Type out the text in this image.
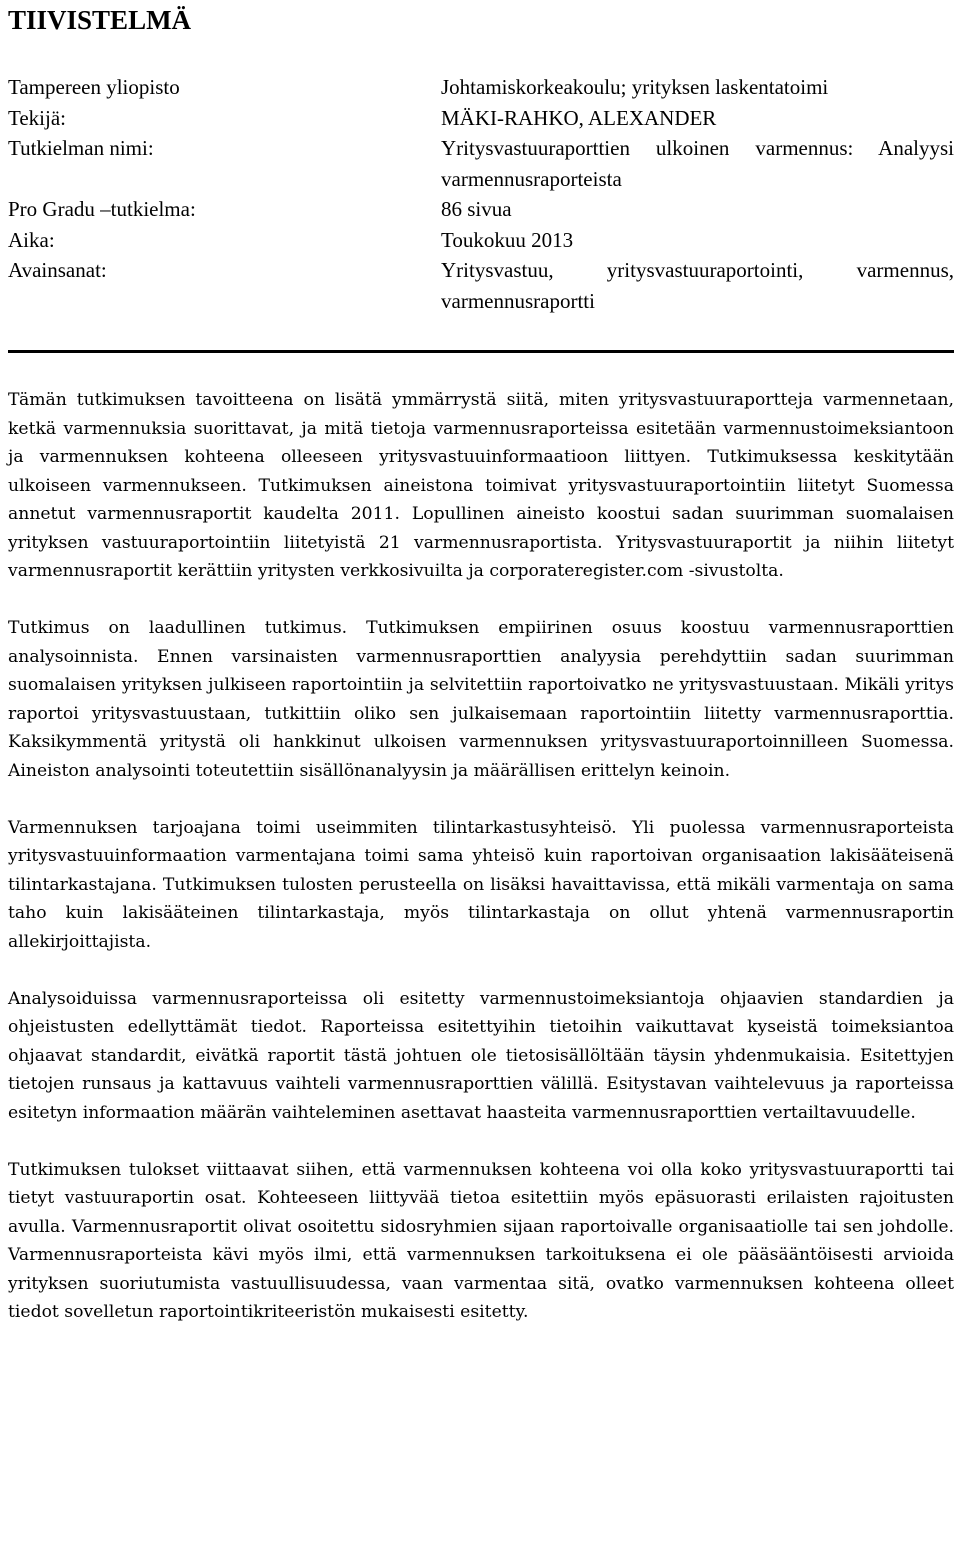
TIIVISTELMÄ
Tampereen yliopisto	Johtamiskorkeakoulu; yrityksen laskentatoimi
Tekijä:	MÄKI-RAHKO, ALEXANDER
Tutkielman nimi:	Yritysvastuuraporttien ulkoinen varmennus: Analyysi varmennusraporteista
Pro Gradu –tutkielma:	86 sivua
Aika:	Toukokuu 2013
Avainsanat:	Yritysvastuu, yritysvastuuraportointi, varmennus, varmennusraportti

Tämän tutkimuksen tavoitteena on lisätä ymmärrystä siitä, miten yritysvastuuraportteja varmennetaan, ketkä varmennuksia suorittavat, ja mitä tietoja varmennusraporteissa esitetään varmennustoimeksiantoon ja varmennuksen kohteena olleeseen yritysvastuuinformaatioon liittyen. Tutkimuksessa keskitytään ulkoiseen varmennukseen. Tutkimuksen aineistona toimivat yritysvastuuraportointiin liitetyt Suomessa annetut varmennusraportit kaudelta 2011. Lopullinen aineisto koostui sadan suurimman suomalaisen yrityksen vastuuraportointiin liitetyistä 21 varmennusraportista. Yritysvastuuraportit ja niihin liitetyt varmennusraportit kerättiin yritysten verkkosivuilta ja corporateregister.com -sivustolta.

Tutkimus on laadullinen tutkimus. Tutkimuksen empiirinen osuus koostuu varmennusraporttien analysoinnista. Ennen varsinaisten varmennusraporttien analyysia perehdyttiin sadan suurimman suomalaisen yrityksen julkiseen raportointiin ja selvitettiin raportoivatko ne yritysvastuustaan. Mikäli yritys raportoi yritysvastuustaan, tutkittiin oliko sen julkaisemaan raportointiin liitetty varmennusraporttia. Kaksikymmentä yritystä oli hankkinut ulkoisen varmennuksen yritysvastuuraportoinnilleen Suomessa. Aineiston analysointi toteutettiin sisällönanalyysin ja määrällisen erittelyn keinoin.

Varmennuksen tarjoajana toimi useimmiten tilintarkastusyhteisö. Yli puolessa varmennusraporteista yritysvastuuinformaation varmentajana toimi sama yhteisö kuin raportoivan organisaation lakisääteisenä tilintarkastajana. Tutkimuksen tulosten perusteella on lisäksi havaittavissa, että mikäli varmentaja on sama taho kuin lakisääteinen tilintarkastaja, myös tilintarkastaja on ollut yhtenä varmennusraportin allekirjoittajista.

Analysoiduissa varmennusraporteissa oli esitetty varmennustoimeksiantoja ohjaavien standardien ja ohjeistusten edellyttämät tiedot. Raporteissa esitettyihin tietoihin vaikuttavat kyseistä toimeksiantoa ohjaavat standardit, eivätkä raportit tästä johtuen ole tietosisällöltään täysin yhdenmukaisia. Esitettyjen tietojen runsaus ja kattavuus vaihteli varmennusraporttien välillä. Esitystavan vaihtelevuus ja raporteissa esitetyn informaation määrän vaihteleminen asettavat haasteita varmennusraporttien vertailtavuudelle.

Tutkimuksen tulokset viittaavat siihen, että varmennuksen kohteena voi olla koko yritysvastuuraportti tai tietyt vastuuraportin osat. Kohteeseen liittyvää tietoa esitettiin myös epäsuorasti erilaisten rajoitusten avulla. Varmennusraportit olivat osoitettu sidosryhmien sijaan raportoivalle organisaatiolle tai sen johdolle. Varmennusraporteista kävi myös ilmi, että varmennuksen tarkoituksena ei ole pääsääntöisesti arvioida yrityksen suoriutumista vastuullisuudessa, vaan varmentaa sitä, ovatko varmennuksen kohteena olleet tiedot sovelletun raportointikriteeristön mukaisesti esitetty.
